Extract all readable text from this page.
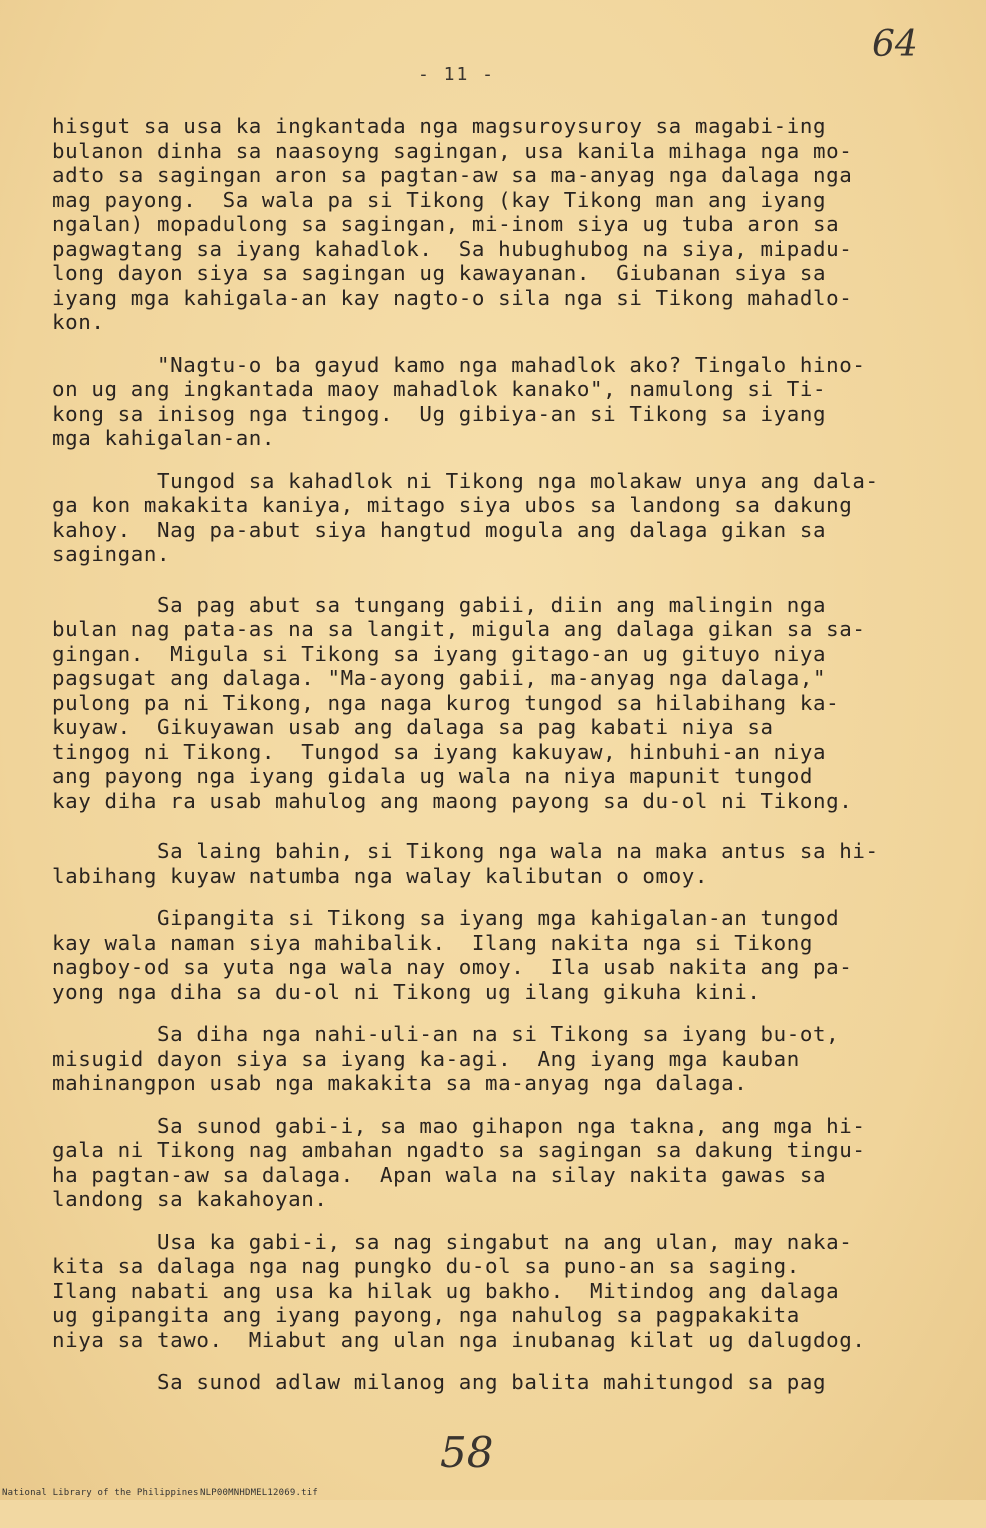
64
- 11 -
hisgut sa usa ka ingkantada nga magsuroysuroy sa magabi-ing
bulanon dinha sa naasoyng sagingan, usa kanila mihaga nga mo-
adto sa sagingan aron sa pagtan-aw sa ma-anyag nga dalaga nga
mag payong.  Sa wala pa si Tikong (kay Tikong man ang iyang
ngalan) mopadulong sa sagingan, mi-inom siya ug tuba aron sa
pagwagtang sa iyang kahadlok.  Sa hubughubog na siya, mipadu-
long dayon siya sa sagingan ug kawayanan.  Giubanan siya sa
iyang mga kahigala-an kay nagto-o sila nga si Tikong mahadlo-
kon.
"Nagtu-o ba gayud kamo nga mahadlok ako? Tingalo hino-
on ug ang ingkantada maoy mahadlok kanako", namulong si Ti-
kong sa inisog nga tingog.  Ug gibiya-an si Tikong sa iyang
mga kahigalan-an.
Tungod sa kahadlok ni Tikong nga molakaw unya ang dala-
ga kon makakita kaniya, mitago siya ubos sa landong sa dakung
kahoy.  Nag pa-abut siya hangtud mogula ang dalaga gikan sa
sagingan.
Sa pag abut sa tungang gabii, diin ang malingin nga
bulan nag pata-as na sa langit, migula ang dalaga gikan sa sa-
gingan.  Migula si Tikong sa iyang gitago-an ug gituyo niya
pagsugat ang dalaga. "Ma-ayong gabii, ma-anyag nga dalaga,"
pulong pa ni Tikong, nga naga kurog tungod sa hilabihang ka-
kuyaw.  Gikuyawan usab ang dalaga sa pag kabati niya sa
tingog ni Tikong.  Tungod sa iyang kakuyaw, hinbuhi-an niya
ang payong nga iyang gidala ug wala na niya mapunit tungod
kay diha ra usab mahulog ang maong payong sa du-ol ni Tikong.
Sa laing bahin, si Tikong nga wala na maka antus sa hi-
labihang kuyaw natumba nga walay kalibutan o omoy.
Gipangita si Tikong sa iyang mga kahigalan-an tungod
kay wala naman siya mahibalik.  Ilang nakita nga si Tikong
nagboy-od sa yuta nga wala nay omoy.  Ila usab nakita ang pa-
yong nga diha sa du-ol ni Tikong ug ilang gikuha kini.
Sa diha nga nahi-uli-an na si Tikong sa iyang bu-ot,
misugid dayon siya sa iyang ka-agi.  Ang iyang mga kauban
mahinangpon usab nga makakita sa ma-anyag nga dalaga.
Sa sunod gabi-i, sa mao gihapon nga takna, ang mga hi-
gala ni Tikong nag ambahan ngadto sa sagingan sa dakung tingu-
ha pagtan-aw sa dalaga.  Apan wala na silay nakita gawas sa
landong sa kakahoyan.
Usa ka gabi-i, sa nag singabut na ang ulan, may naka-
kita sa dalaga nga nag pungko du-ol sa puno-an sa saging.
Ilang nabati ang usa ka hilak ug bakho.  Mitindog ang dalaga
ug gipangita ang iyang payong, nga nahulog sa pagpakakita
niya sa tawo.  Miabut ang ulan nga inubanag kilat ug dalugdog.
Sa sunod adlaw milanog ang balita mahitungod sa pag
58

National Library of the Philippines

NLP00MNHDMEL12069.tif
